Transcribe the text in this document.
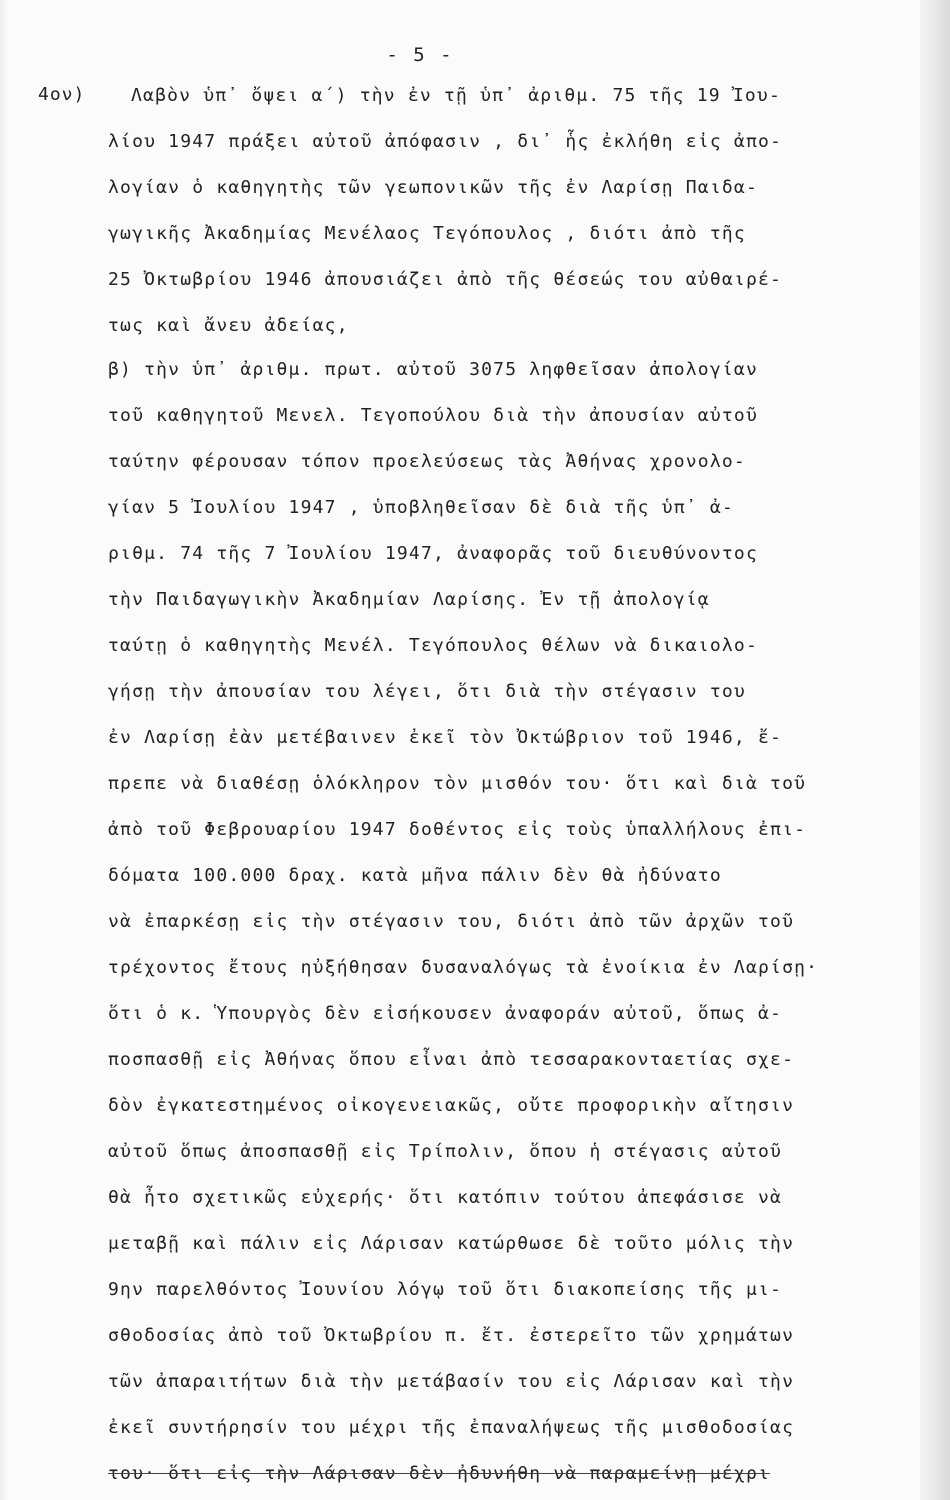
- 5 -
4ον)	Λαβὸν ὑπ᾿ ὄψει α΄) τὴν ἐν τῇ ὑπ᾿ ἀριθμ. 75 τῆς 19 Ἰου-
λίου 1947 πράξει αὐτοῦ ἀπόφασιν , δι᾿ ἧς ἐκλήθη εἰς ἀπο-
λογίαν ὁ καθηγητὴς τῶν γεωπονικῶν τῆς ἐν Λαρίσῃ Παιδα-
γωγικῆς Ἀκαδημίας Μενέλαος Τεγόπουλος , διότι ἀπὸ τῆς
25 Ὀκτωβρίου 1946 ἀπουσιάζει ἀπὸ τῆς θέσεώς του αὐθαιρέ-
τως καὶ ἄνευ ἀδείας,
β) τὴν ὑπ᾿ ἀριθμ. πρωτ. αὐτοῦ 3075 ληφθεῖσαν ἀπολογίαν
τοῦ καθηγητοῦ Μενελ. Τεγοπούλου διὰ τὴν ἀπουσίαν αὐτοῦ
ταύτην φέρουσαν τόπον προελεύσεως τὰς Ἀθήνας χρονολο-
γίαν 5 Ἰουλίου 1947 , ὑποβληθεῖσαν δὲ διὰ τῆς ὑπ᾿ ἀ-
ριθμ. 74 τῆς 7 Ἰουλίου 1947, ἀναφορᾶς τοῦ διευθύνοντος
τὴν Παιδαγωγικὴν Ἀκαδημίαν Λαρίσης. Ἐν τῇ ἀπολογίᾳ
ταύτῃ ὁ καθηγητὴς Μενέλ. Τεγόπουλος θέλων νὰ δικαιολο-
γήσῃ τὴν ἀπουσίαν του λέγει, ὅτι διὰ τὴν στέγασιν του
ἐν Λαρίσῃ ἐὰν μετέβαινεν ἐκεῖ τὸν Ὀκτώβριον τοῦ 1946, ἔ-
πρεπε νὰ διαθέσῃ ὁλόκληρον τὸν μισθόν του· ὅτι καὶ διὰ τοῦ
ἀπὸ τοῦ Φεβρουαρίου 1947 δοθέντος εἰς τοὺς ὑπαλλήλους ἐπι-
δόματα 100.000 δραχ. κατὰ μῆνα πάλιν δὲν θὰ ἠδύνατο
νὰ ἐπαρκέσῃ εἰς τὴν στέγασιν του, διότι ἀπὸ τῶν ἀρχῶν τοῦ
τρέχοντος ἔτους ηὐξήθησαν δυσαναλόγως τὰ ἐνοίκια ἐν Λαρίσῃ·
ὅτι ὁ κ. Ὑπουργὸς δὲν εἰσήκουσεν ἀναφοράν αὐτοῦ, ὅπως ἀ-
ποσπασθῇ εἰς Ἀθήνας ὅπου εἶναι ἀπὸ τεσσαρακονταετίας σχε-
δὸν ἐγκατεστημένος οἰκογενειακῶς, οὔτε προφορικὴν αἴτησιν
αὐτοῦ ὅπως ἀποσπασθῇ εἰς Τρίπολιν, ὅπου ἡ στέγασις αὐτοῦ
θὰ ἦτο σχετικῶς εὐχερής· ὅτι κατόπιν τούτου ἀπεφάσισε νὰ
μεταβῇ καὶ πάλιν εἰς Λάρισαν κατώρθωσε δὲ τοῦτο μόλις τὴν
9ην παρελθόντος Ἰουνίου λόγῳ τοῦ ὅτι διακοπείσης τῆς μι-
σθοδοσίας ἀπὸ τοῦ Ὀκτωβρίου π. ἔτ. ἐστερεῖτο τῶν χρημάτων
τῶν ἀπαραιτήτων διὰ τὴν μετάβασίν του εἰς Λάρισαν καὶ τὴν
ἐκεῖ συντήρησίν του μέχρι τῆς ἐπαναλήψεως τῆς μισθοδοσίας
του· ὅτι εἰς τὴν Λάρισαν δὲν ἠδυνήθη νὰ παραμείνῃ μέχρι
